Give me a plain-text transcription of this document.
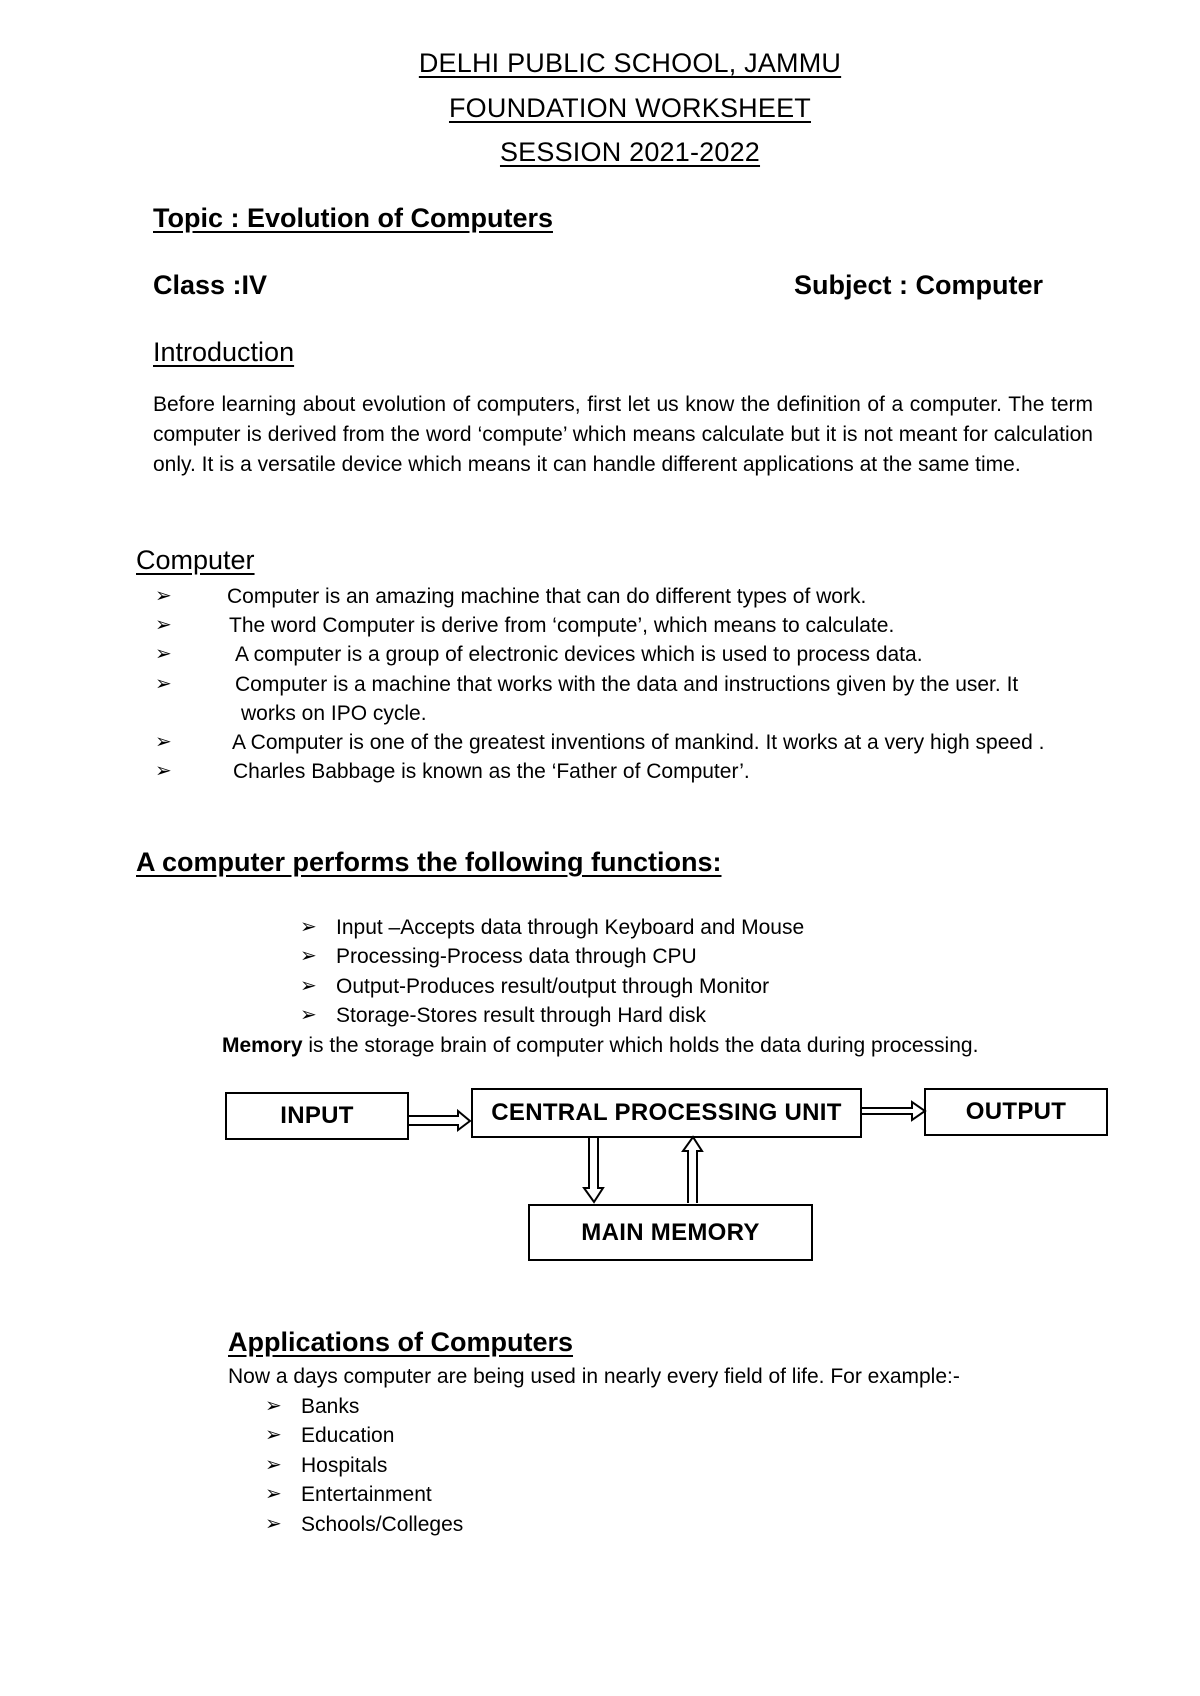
DELHI PUBLIC SCHOOL, JAMMU
FOUNDATION WORKSHEET
SESSION 2021-2022
Topic : Evolution of Computers
Class :IV	Subject : Computer
Introduction
Before learning about evolution of computers, first let us know the definition of a computer. The term computer is derived from the word ‘compute’ which means calculate but it is not meant for calculation only. It is a versatile device which means it can handle different applications at the same time.
Computer
➢	Computer is an amazing machine that can do different types of work.
➢	The word Computer is derive from ‘compute’, which means to calculate.
➢	A computer is a group of electronic devices which is used to process data.
➢	Computer is a machine that works with the data and instructions given by the user. It
works on IPO cycle.
➢	A Computer is one of the greatest inventions of mankind. It works at a very high speed .
➢	Charles Babbage is known as the ‘Father of Computer’.
A computer performs the following functions:
➢ Input –Accepts data through Keyboard and Mouse
➢ Processing-Process data through CPU
➢ Output-Produces result/output through Monitor
➢ Storage-Stores result through Hard disk
Memory is the storage brain of computer which holds the data during processing.
INPUT	CENTRAL PROCESSING UNIT	OUTPUT
MAIN MEMORY
Applications of Computers
Now a days computer are being used in nearly every field of life. For example:-
➢ Banks
➢ Education
➢ Hospitals
➢ Entertainment
➢ Schools/Colleges
